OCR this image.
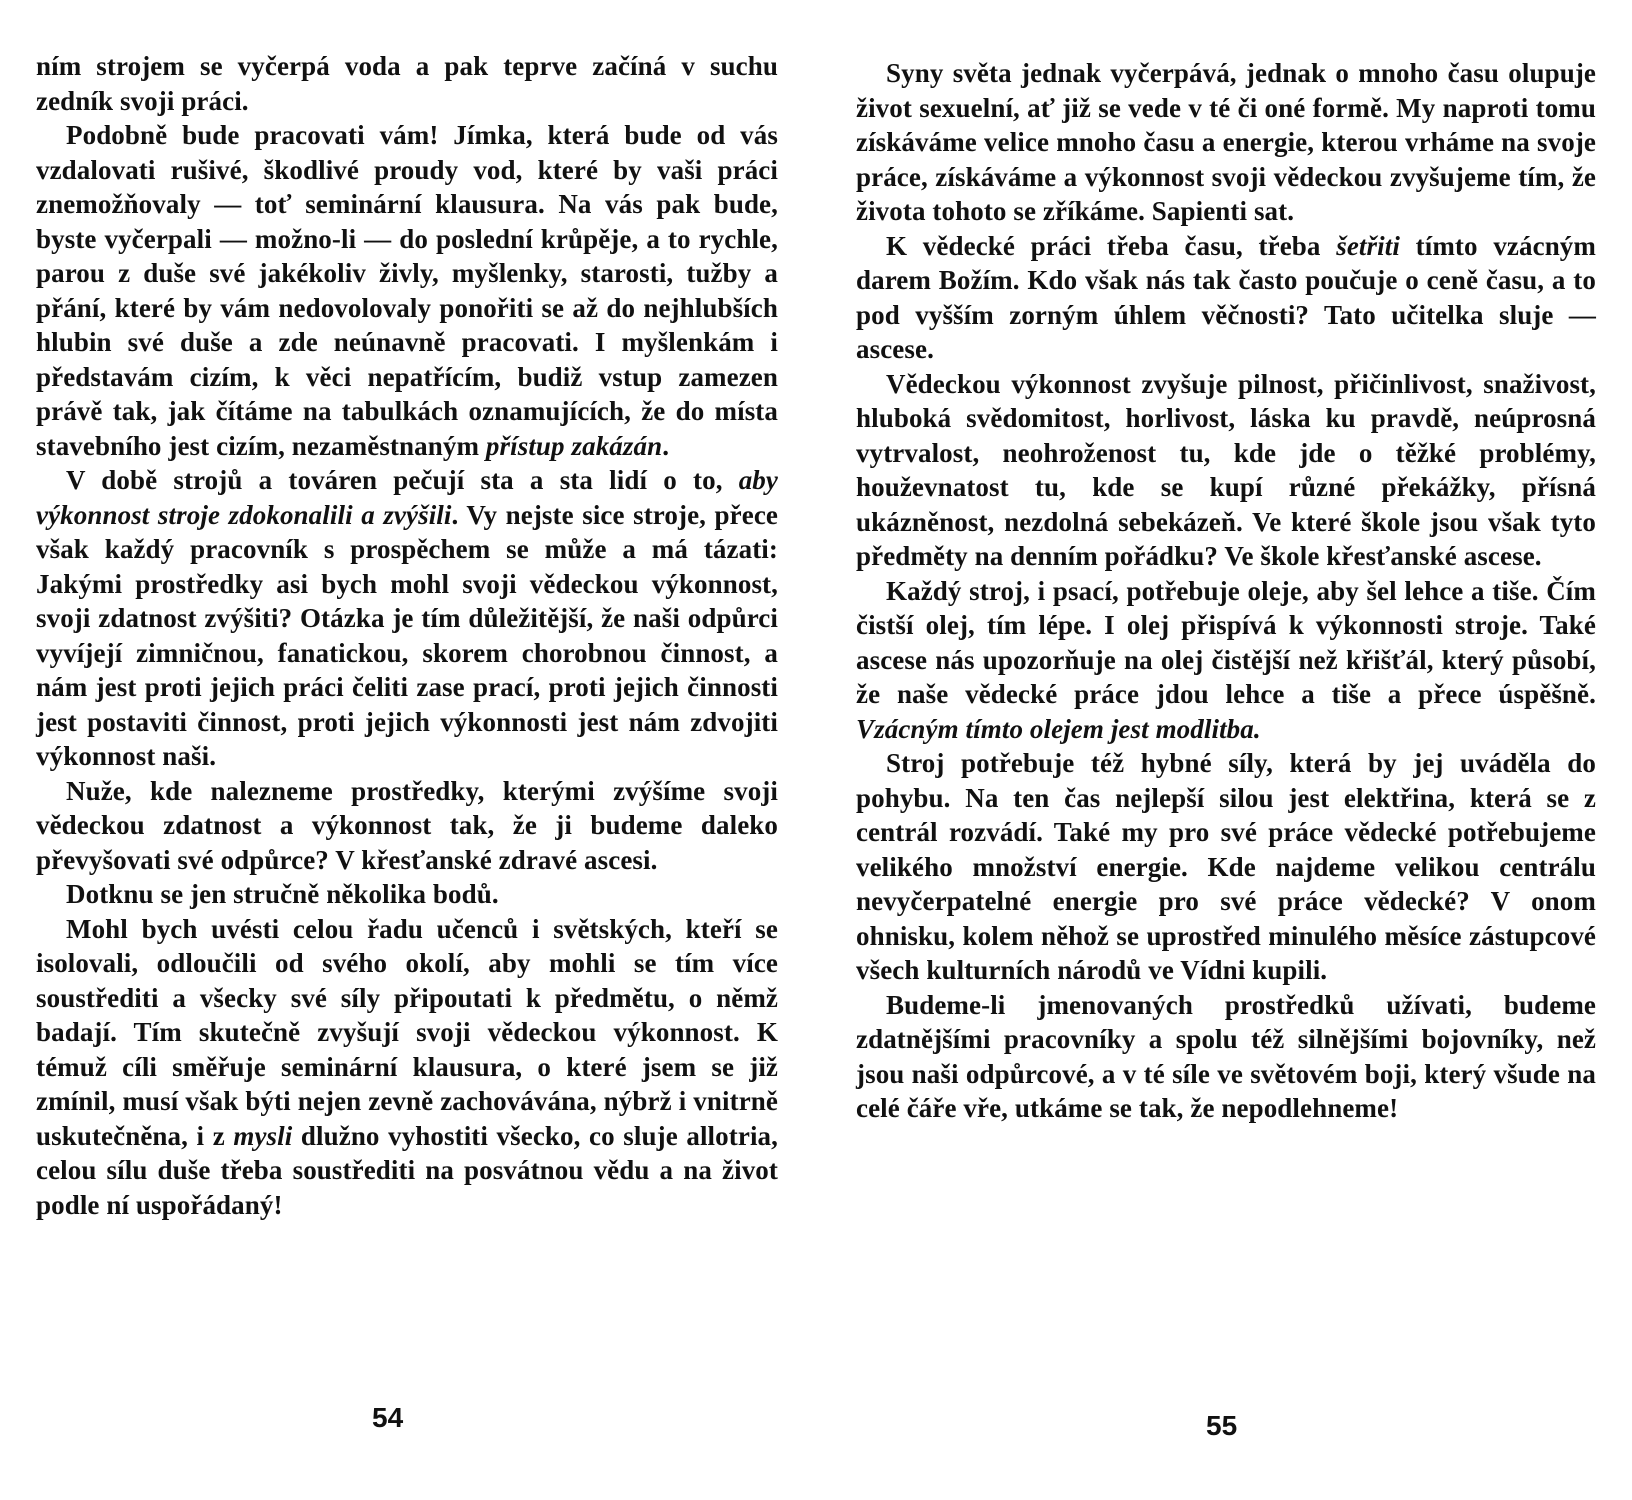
ním strojem se vyčerpá voda a pak teprve začíná v suchu zedník svoji práci.

Podobně bude pracovati vám! Jímka, která bude od vás vzdalovati rušivé, škodlivé proudy vod, které by vaši práci znemožňovaly — toť seminární klausura. Na vás pak bude, byste vyčerpali — možno-li — do poslední krůpěje, a to rychle, parou z duše své jakékoliv živly, myšlenky, starosti, tužby a přání, které by vám nedovolovaly ponořiti se až do nejhlubších hlubin své duše a zde neúnavně pracovati. I myšlenkám i představám cizím, k věci nepatřícím, budiž vstup zamezen právě tak, jak čítáme na tabulkách oznamujících, že do místa stavebního jest cizím, nezaměstnaným přístup zakázán.

V době strojů a továren pečují sta a sta lidí o to, aby výkonnost stroje zdokonalili a zvýšili. Vy nejste sice stroje, přece však každý pracovník s prospěchem se může a má tázati: Jakými prostředky asi bych mohl svoji vědeckou výkonnost, svoji zdatnost zvýšiti? Otázka je tím důležitější, že naši odpůrci vyvíjejí zimničnou, fanatickou, skorem chorobnou činnost, a nám jest proti jejich práci čeliti zase prací, proti jejich činnosti jest postaviti činnost, proti jejich výkonnosti jest nám zdvojiti výkonnost naši.

Nuže, kde nalezneme prostředky, kterými zvýšíme svoji vědeckou zdatnost a výkonnost tak, že ji budeme daleko převyšovati své odpůrce? V křesťanské zdravé ascesi.

Dotknu se jen stručně několika bodů.

Mohl bych uvésti celou řadu učenců i světských, kteří se isolovali, odloučili od svého okolí, aby mohli se tím více soustřediti a všecky své síly připoutati k předmětu, o němž badají. Tím skutečně zvyšují svoji vědeckou výkonnost. K témuž cíli směřuje seminární klausura, o které jsem se již zmínil, musí však býti nejen zevně zachovávána, nýbrž i vnitrně uskutečněna, i z mysli dlužno vyhostiti všecko, co sluje allotria, celou sílu duše třeba soustřediti na posvátnou vědu a na život podle ní uspořádaný!

54

Syny světa jednak vyčerpává, jednak o mnoho času olupuje život sexuelní, ať již se vede v té či oné formě. My naproti tomu získáváme velice mnoho času a energie, kterou vrháme na svoje práce, získáváme a výkonnost svoji vědeckou zvyšujeme tím, že života tohoto se zříkáme. Sapienti sat.

K vědecké práci třeba času, třeba šetřiti tímto vzácným darem Božím. Kdo však nás tak často poučuje o ceně času, a to pod vyšším zorným úhlem věčnosti? Tato učitelka sluje — ascese.

Vědeckou výkonnost zvyšuje pilnost, přičinlivost, snaživost, hluboká svědomitost, horlivost, láska ku pravdě, neúprosná vytrvalost, neohroženost tu, kde jde o těžké problémy, houževnatost tu, kde se kupí různé překážky, přísná ukázněnost, nezdolná sebekázeň. Ve které škole jsou však tyto předměty na denním pořádku? Ve škole křesťanské ascese.

Každý stroj, i psací, potřebuje oleje, aby šel lehce a tiše. Čím čistší olej, tím lépe. I olej přispívá k výkonnosti stroje. Také ascese nás upozorňuje na olej čistější než křišťál, který působí, že naše vědecké práce jdou lehce a tiše a přece úspěšně. Vzácným tímto olejem jest modlitba.

Stroj potřebuje též hybné síly, která by jej uváděla do pohybu. Na ten čas nejlepší silou jest elektřina, která se z centrál rozvádí. Také my pro své práce vědecké potřebujeme velikého množství energie. Kde najdeme velikou centrálu nevyčerpatelné energie pro své práce vědecké? V onom ohnisku, kolem něhož se uprostřed minulého měsíce zástupcové všech kulturních národů ve Vídni kupili.

Budeme-li jmenovaných prostředků užívati, budeme zdatnějšími pracovníky a spolu též silnějšími bojovníky, než jsou naši odpůrcové, a v té síle ve světovém boji, který všude na celé čáře vře, utkáme se tak, že nepodlehneme!

55
